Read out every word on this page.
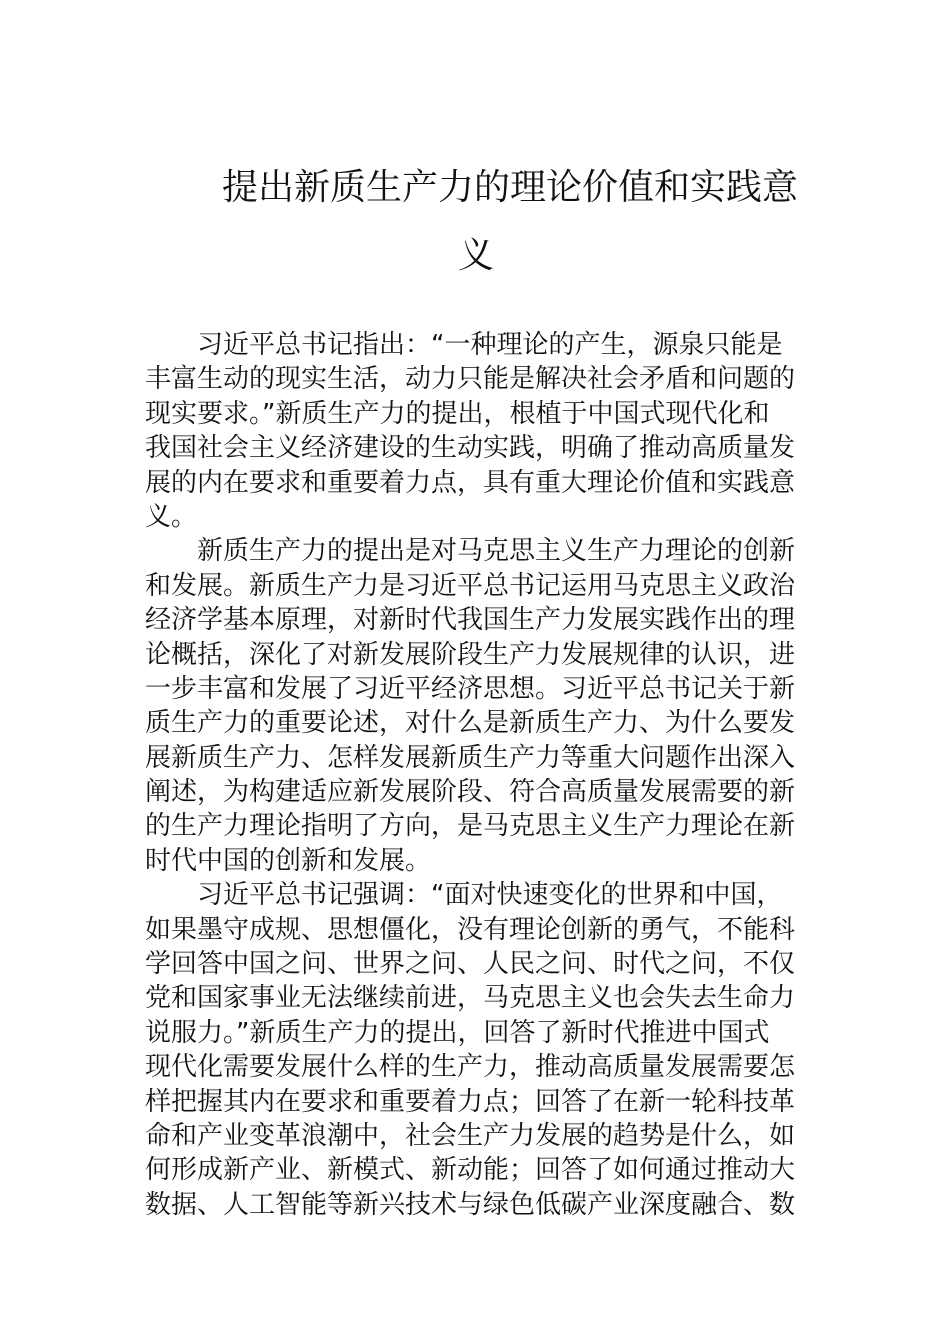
提出新质生产力的理论价值和实践意
义
习近平总书记指出：“一种理论的产生，源泉只能是
丰富生动的现实生活，动力只能是解决社会矛盾和问题的
现实要求。”新质生产力的提出，根植于中国式现代化和
我国社会主义经济建设的生动实践，明确了推动高质量发
展的内在要求和重要着力点，具有重大理论价值和实践意
义。
新质生产力的提出是对马克思主义生产力理论的创新
和发展。新质生产力是习近平总书记运用马克思主义政治
经济学基本原理，对新时代我国生产力发展实践作出的理
论概括，深化了对新发展阶段生产力发展规律的认识，进
一步丰富和发展了习近平经济思想。习近平总书记关于新
质生产力的重要论述，对什么是新质生产力、为什么要发
展新质生产力、怎样发展新质生产力等重大问题作出深入
阐述，为构建适应新发展阶段、符合高质量发展需要的新
的生产力理论指明了方向，是马克思主义生产力理论在新
时代中国的创新和发展。
习近平总书记强调：“面对快速变化的世界和中国，
如果墨守成规、思想僵化，没有理论创新的勇气，不能科
学回答中国之问、世界之问、人民之问、时代之问，不仅
党和国家事业无法继续前进，马克思主义也会失去生命力
说服力。”新质生产力的提出，回答了新时代推进中国式
现代化需要发展什么样的生产力，推动高质量发展需要怎
样把握其内在要求和重要着力点；回答了在新一轮科技革
命和产业变革浪潮中，社会生产力发展的趋势是什么，如
何形成新产业、新模式、新动能；回答了如何通过推动大
数据、人工智能等新兴技术与绿色低碳产业深度融合、数
